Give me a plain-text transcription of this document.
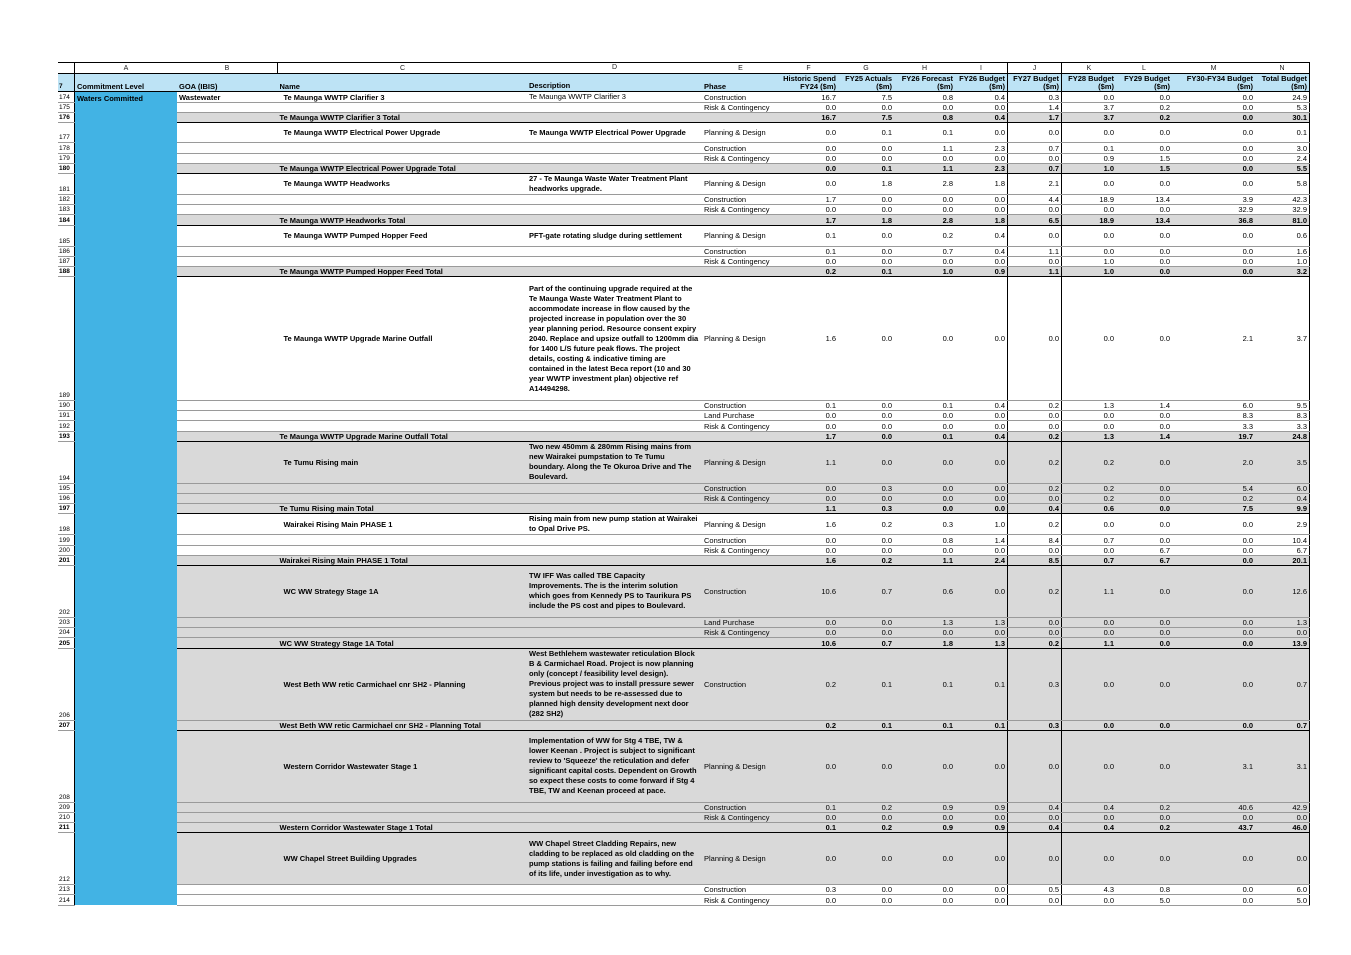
	A	B	C	D	E	F	G	H	I	J	K	L	M	N
7	Commitment Level	GOA (IBIS)	Name	Description	Phase	Historic Spend FY24 ($m)	FY25 Actuals ($m)	FY26 Forecast ($m)	FY26 Budget ($m)	FY27 Budget ($m)	FY28 Budget ($m)	FY29 Budget ($m)	FY30-FY34 Budget ($m)	Total Budget ($m)
174	Waters Committed	Wastewater	Te Maunga WWTP Clarifier 3	Te Maunga WWTP Clarifier 3	Construction	16.7	7.5	0.8	0.4	0.3	0.0	0.0	0.0	24.9
175					Risk & Contingency	0.0	0.0	0.0	0.0	1.4	3.7	0.2	0.0	5.3
176			Te Maunga WWTP Clarifier 3 Total			16.7	7.5	0.8	0.4	1.7	3.7	0.2	0.0	30.1
177			Te Maunga WWTP Electrical Power Upgrade	Te Maunga WWTP Electrical Power Upgrade	Planning & Design	0.0	0.1	0.1	0.0	0.0	0.0	0.0	0.0	0.1
178					Construction	0.0	0.0	1.1	2.3	0.7	0.1	0.0	0.0	3.0
179					Risk & Contingency	0.0	0.0	0.0	0.0	0.0	0.9	1.5	0.0	2.4
180			Te Maunga WWTP Electrical Power Upgrade Total			0.0	0.1	1.1	2.3	0.7	1.0	1.5	0.0	5.5
181			Te Maunga WWTP Headworks	27 - Te Maunga Waste Water Treatment Plant headworks upgrade.	Planning & Design	0.0	1.8	2.8	1.8	2.1	0.0	0.0	0.0	5.8
182					Construction	1.7	0.0	0.0	0.0	4.4	18.9	13.4	3.9	42.3
183					Risk & Contingency	0.0	0.0	0.0	0.0	0.0	0.0	0.0	32.9	32.9
184			Te Maunga WWTP Headworks Total			1.7	1.8	2.8	1.8	6.5	18.9	13.4	36.8	81.0
185			Te Maunga WWTP Pumped Hopper Feed	PFT-gate rotating sludge during settlement	Planning & Design	0.1	0.0	0.2	0.4	0.0	0.0	0.0	0.0	0.6
186					Construction	0.1	0.0	0.7	0.4	1.1	0.0	0.0	0.0	1.6
187					Risk & Contingency	0.0	0.0	0.0	0.0	0.0	1.0	0.0	0.0	1.0
188			Te Maunga WWTP Pumped Hopper Feed Total			0.2	0.1	1.0	0.9	1.1	1.0	0.0	0.0	3.2
189			Te Maunga WWTP Upgrade Marine Outfall	Part of the continuing upgrade required at the Te Maunga Waste Water Treatment Plant to accommodate increase in flow caused by the projected increase in population over the 30 year planning period. Resource consent expiry 2040. Replace and upsize outfall to 1200mm dia for 1400 L/S future peak flows. The project details, costing & indicative timing are contained in the latest Beca report (10 and 30 year WWTP investment plan) objective ref A14494298.	Planning & Design	1.6	0.0	0.0	0.0	0.0	0.0	0.0	2.1	3.7
190					Construction	0.1	0.0	0.1	0.4	0.2	1.3	1.4	6.0	9.5
191					Land Purchase	0.0	0.0	0.0	0.0	0.0	0.0	0.0	8.3	8.3
192					Risk & Contingency	0.0	0.0	0.0	0.0	0.0	0.0	0.0	3.3	3.3
193			Te Maunga WWTP Upgrade Marine Outfall Total			1.7	0.0	0.1	0.4	0.2	1.3	1.4	19.7	24.8
194			Te Tumu Rising main	Two new 450mm & 280mm Rising mains from new Wairakei pumpstation to Te Tumu boundary. Along the Te Okuroa Drive and The Boulevard.	Planning & Design	1.1	0.0	0.0	0.0	0.2	0.2	0.0	2.0	3.5
195					Construction	0.0	0.3	0.0	0.0	0.2	0.2	0.0	5.4	6.0
196					Risk & Contingency	0.0	0.0	0.0	0.0	0.0	0.2	0.0	0.2	0.4
197			Te Tumu Rising main Total			1.1	0.3	0.0	0.0	0.4	0.6	0.0	7.5	9.9
198			Wairakei Rising Main PHASE 1	Rising main from new pump station at Wairakei to Opal Drive PS.	Planning & Design	1.6	0.2	0.3	1.0	0.2	0.0	0.0	0.0	2.9
199					Construction	0.0	0.0	0.8	1.4	8.4	0.7	0.0	0.0	10.4
200					Risk & Contingency	0.0	0.0	0.0	0.0	0.0	0.0	6.7	0.0	6.7
201			Wairakei Rising Main PHASE 1 Total			1.6	0.2	1.1	2.4	8.5	0.7	6.7	0.0	20.1
202			WC WW Strategy Stage 1A	TW IFF Was called TBE Capacity Improvements. The is the interim solution which goes from Kennedy PS to Taurikura PS include the PS cost and pipes to Boulevard.	Construction	10.6	0.7	0.6	0.0	0.2	1.1	0.0	0.0	12.6
203					Land Purchase	0.0	0.0	1.3	1.3	0.0	0.0	0.0	0.0	1.3
204					Risk & Contingency	0.0	0.0	0.0	0.0	0.0	0.0	0.0	0.0	0.0
205			WC WW Strategy Stage 1A Total			10.6	0.7	1.8	1.3	0.2	1.1	0.0	0.0	13.9
206			West Beth WW retic Carmichael cnr SH2 - Planning	West Bethlehem wastewater reticulation Block B & Carmichael Road. Project is now planning only (concept / feasibility level design). Previous project was to install pressure sewer system but needs to be re-assessed due to planned high density development next door (282 SH2)	Construction	0.2	0.1	0.1	0.1	0.3	0.0	0.0	0.0	0.7
207			West Beth WW retic Carmichael cnr SH2 - Planning Total			0.2	0.1	0.1	0.1	0.3	0.0	0.0	0.0	0.7
208			Western Corridor Wastewater Stage 1	Implementation of WW for Stg 4 TBE, TW & lower Keenan . Project is subject to significant review to 'Squeeze' the reticulation and defer significant capital costs. Dependent on Growth so expect these costs to come forward if Stg 4 TBE, TW and Keenan proceed at pace.	Planning & Design	0.0	0.0	0.0	0.0	0.0	0.0	0.0	3.1	3.1
209					Construction	0.1	0.2	0.9	0.9	0.4	0.4	0.2	40.6	42.9
210					Risk & Contingency	0.0	0.0	0.0	0.0	0.0	0.0	0.0	0.0	0.0
211			Western Corridor Wastewater Stage 1 Total			0.1	0.2	0.9	0.9	0.4	0.4	0.2	43.7	46.0
212			WW Chapel Street Building Upgrades	WW Chapel Street Cladding Repairs, new cladding to be replaced as old cladding on the pump stations is failing and failing before end of its life, under investigation as to why.	Planning & Design	0.0	0.0	0.0	0.0	0.0	0.0	0.0	0.0	0.0
213					Construction	0.3	0.0	0.0	0.0	0.5	4.3	0.8	0.0	6.0
214					Risk & Contingency	0.0	0.0	0.0	0.0	0.0	0.0	5.0	0.0	5.0
